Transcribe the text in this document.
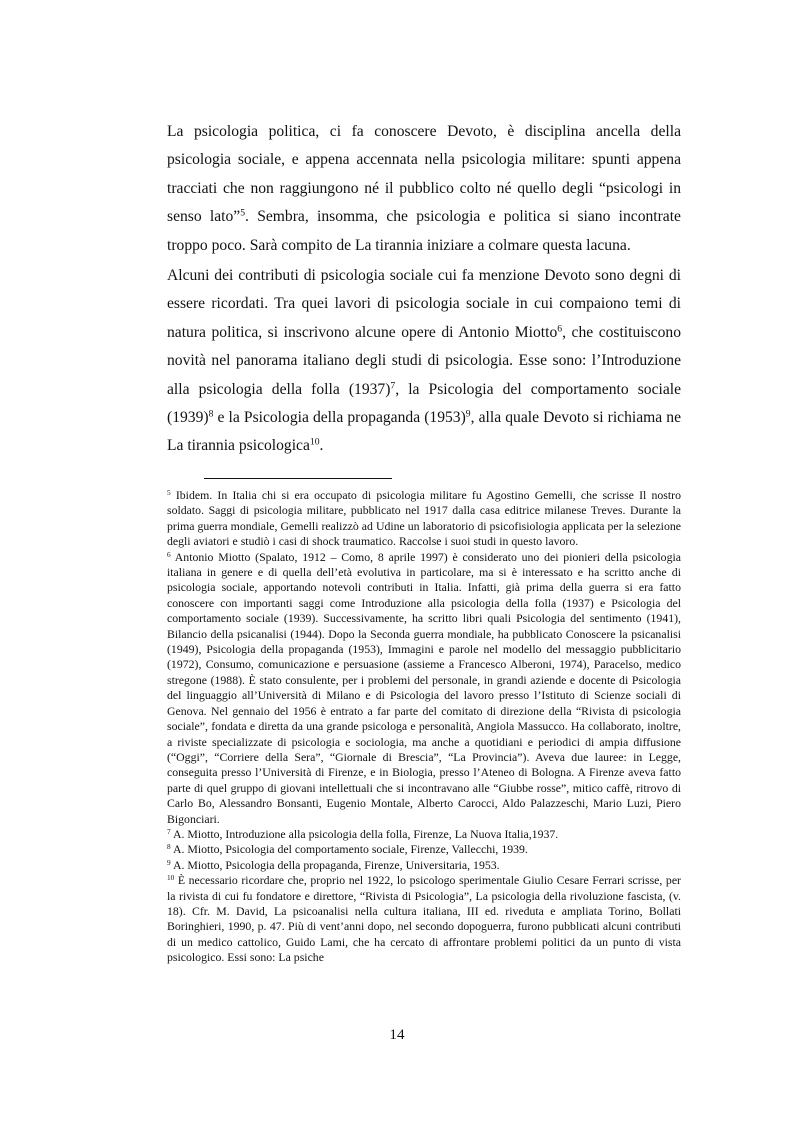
La psicologia politica, ci fa conoscere Devoto, è disciplina ancella della psicologia sociale, e appena accennata nella psicologia militare: spunti appena tracciati che non raggiungono né il pubblico colto né quello degli “psicologi in senso lato”$^5$. Sembra, insomma, che psicologia e politica si siano incontrate troppo poco. Sarà compito de La tirannia iniziare a colmare questa lacuna.

Alcuni dei contributi di psicologia sociale cui fa menzione Devoto sono degni di essere ricordati. Tra quei lavori di psicologia sociale in cui compaiono temi di natura politica, si inscrivono alcune opere di Antonio Miotto$^6$, che costituiscono novità nel panorama italiano degli studi di psicologia. Esse sono: l’Introduzione alla psicologia della folla $(1937)^7$, la Psicologia del comportamento sociale $(1939)^8$ e la Psicologia della propaganda $(1953)^9$, alla quale Devoto si richiama ne La tirannia psicologica$^{10}$.

$^5$ Ibidem. In Italia chi si era occupato di psicologia militare fu Agostino Gemelli, che scrisse Il nostro soldato. Saggi di psicologia militare, pubblicato nel 1917 dalla casa editrice milanese Treves. Durante la prima guerra mondiale, Gemelli realizzò ad Udine un laboratorio di psicofisiologia applicata per la selezione degli aviatori e studiò i casi di shock traumatico. Raccolse i suoi studi in questo lavoro.

$^6$ Antonio Miotto (Spalato, 1912 – Como, 8 aprile 1997) è considerato uno dei pionieri della psicologia italiana in genere e di quella dell’età evolutiva in particolare, ma si è interessato e ha scritto anche di psicologia sociale, apportando notevoli contributi in Italia. Infatti, già prima della guerra si era fatto conoscere con importanti saggi come Introduzione alla psicologia della folla (1937) e Psicologia del comportamento sociale (1939). Successivamente, ha scritto libri quali Psicologia del sentimento (1941), Bilancio della psicanalisi (1944). Dopo la Seconda guerra mondiale, ha pubblicato Conoscere la psicanalisi (1949), Psicologia della propaganda (1953), Immagini e parole nel modello del messaggio pubblicitario (1972), Consumo, comunicazione e persuasione (assieme a Francesco Alberoni, 1974), Paracelso, medico stregone (1988). È stato consulente, per i problemi del personale, in grandi aziende e docente di Psicologia del linguaggio all’Università di Milano e di Psicologia del lavoro presso l’Istituto di Scienze sociali di Genova. Nel gennaio del 1956 è entrato a far parte del comitato di direzione della “Rivista di psicologia sociale”, fondata e diretta da una grande psicologa e personalità, Angiola Massucco. Ha collaborato, inoltre, a riviste specializzate di psicologia e sociologia, ma anche a quotidiani e periodici di ampia diffusione (“Oggi”, “Corriere della Sera”, “Giornale di Brescia”, “La Provincia”). Aveva due lauree: in Legge, conseguita presso l’Università di Firenze, e in Biologia, presso l’Ateneo di Bologna. A Firenze aveva fatto parte di quel gruppo di giovani intellettuali che si incontravano alle “Giubbe rosse”, mitico caffè, ritrovo di Carlo Bo, Alessandro Bonsanti, Eugenio Montale, Alberto Carocci, Aldo Palazzeschi, Mario Luzi, Piero Bigonciari.

$^7$ A. Miotto, Introduzione alla psicologia della folla, Firenze, La Nuova Italia,1937.

$^8$ A. Miotto, Psicologia del comportamento sociale, Firenze, Vallecchi, 1939.

$^9$ A. Miotto, Psicologia della propaganda, Firenze, Universitaria, 1953.

$^{10}$ È necessario ricordare che, proprio nel 1922, lo psicologo sperimentale Giulio Cesare Ferrari scrisse, per la rivista di cui fu fondatore e direttore, “Rivista di Psicologia”, La psicologia della rivoluzione fascista, (v. 18). Cfr. M. David, La psicoanalisi nella cultura italiana, III ed. riveduta e ampliata Torino, Bollati Boringhieri, 1990, p. 47. Più di vent’anni dopo, nel secondo dopoguerra, furono pubblicati alcuni contributi di un medico cattolico, Guido Lami, che ha cercato di affrontare problemi politici da un punto di vista psicologico. Essi sono: La psiche

14
